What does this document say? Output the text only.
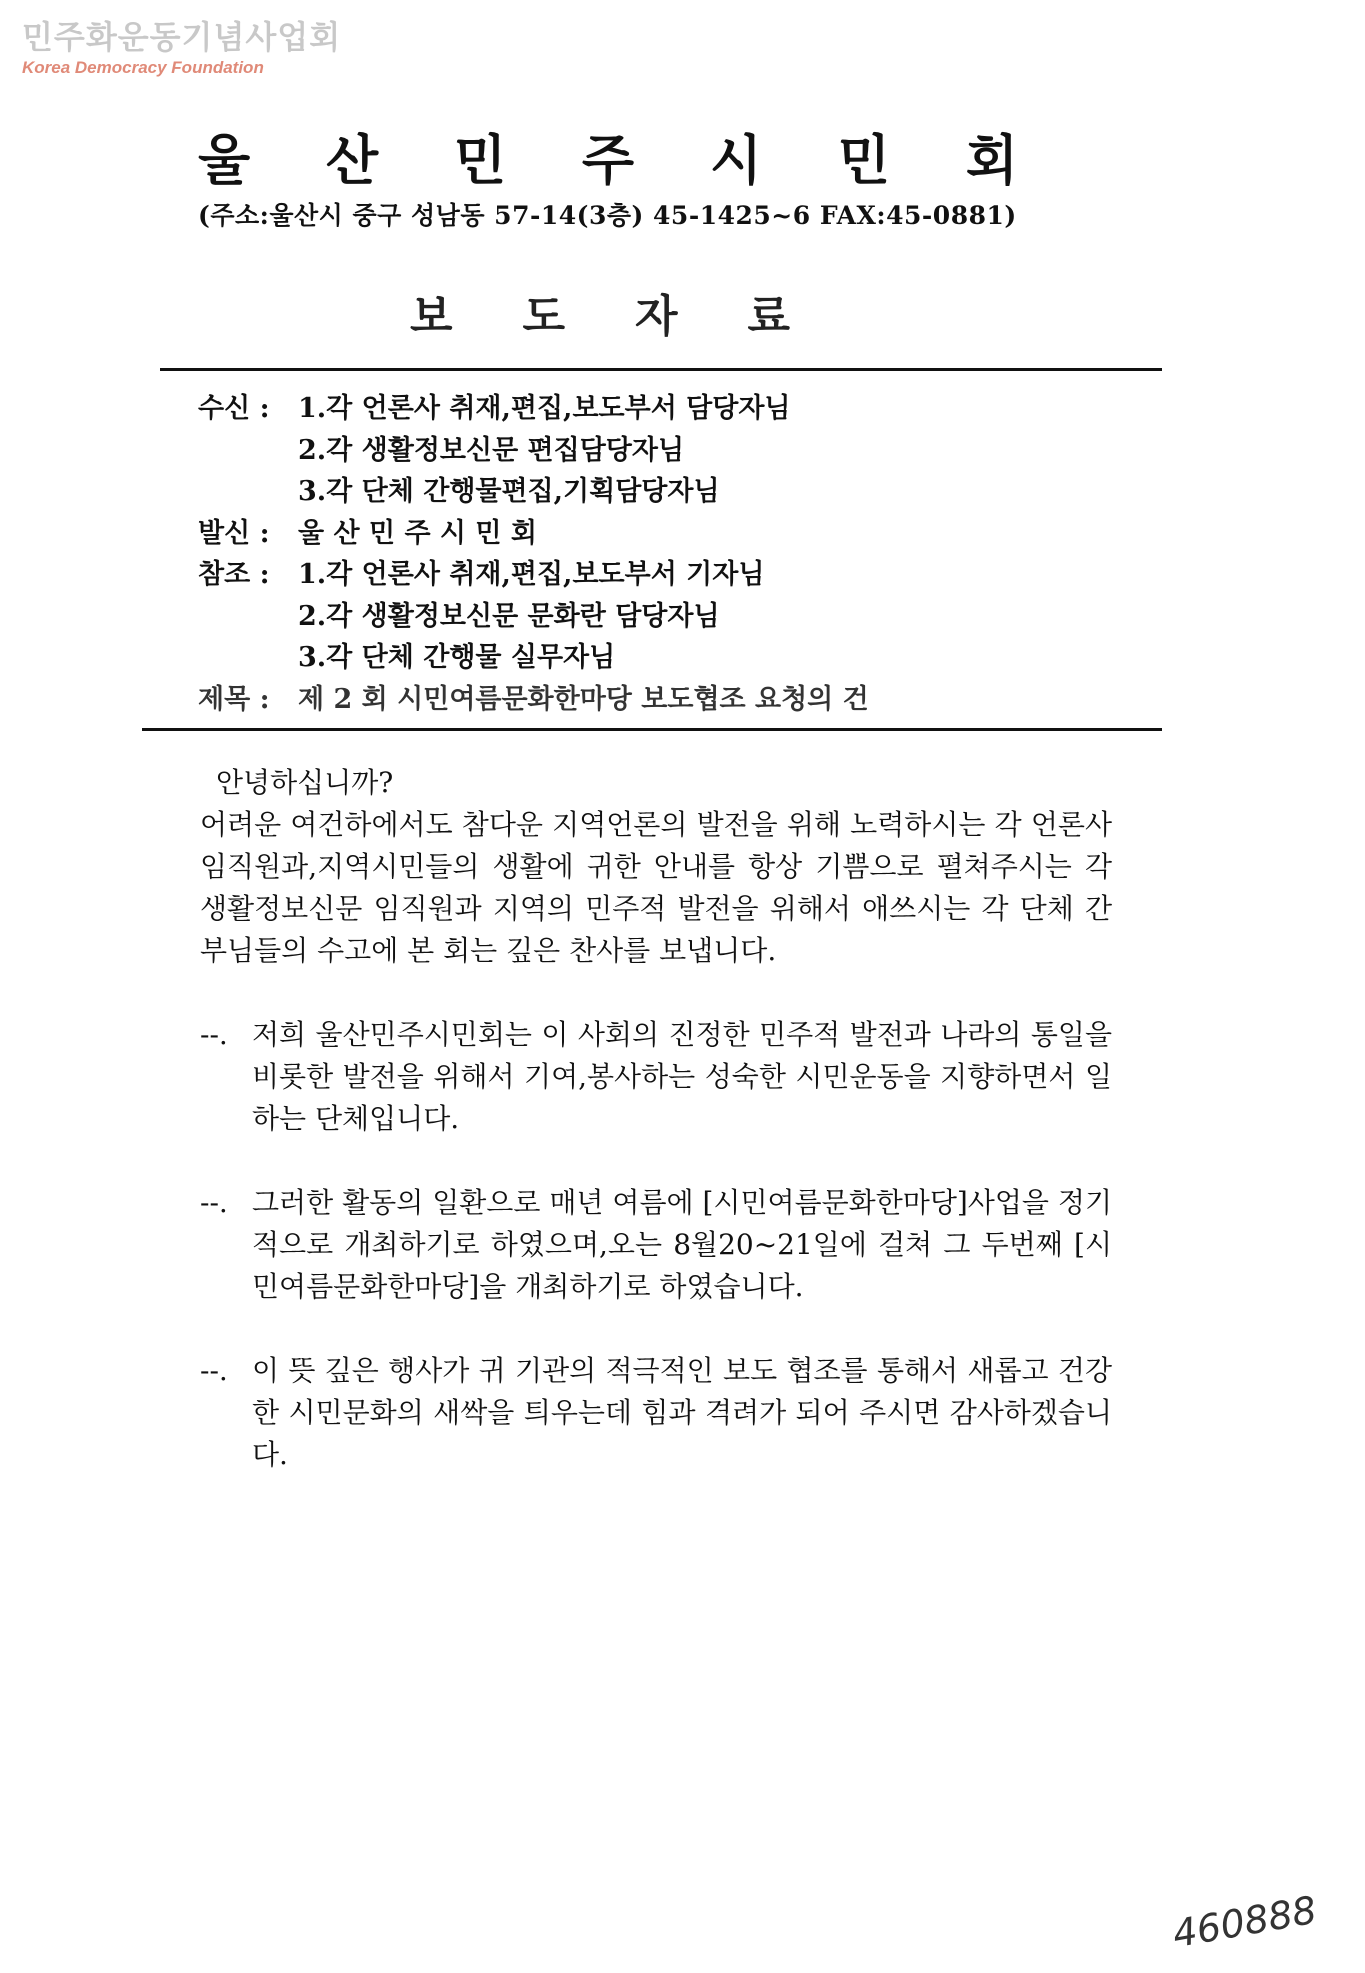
민주화운동기념사업회
Korea Democracy Foundation
울 산 민 주 시 민 회
(주소:울산시 중구 성남동 57-14(3층) 45-1425~6 FAX:45-0881)
보 도 자 료
수신 :	1.각 언론사 취재,편집,보도부서 담당자님
2.각 생활정보신문 편집담당자님
3.각 단체 간행물편집,기획담당자님
발신 :	울 산 민 주 시 민 회
참조 :	1.각 언론사 취재,편집,보도부서 기자님
2.각 생활정보신문 문화란 담당자님
3.각 단체 간행물 실무자님
제목 :	제 2 회 시민여름문화한마당 보도협조 요청의 건
안녕하십니까?
어려운 여건하에서도 참다운 지역언론의 발전을 위해 노력하시는 각 언론사 임직원과,지역시민들의 생활에 귀한 안내를 항상 기쁨으로 펼쳐주시는 각 생활정보신문 임직원과 지역의 민주적 발전을 위해서 애쓰시는 각 단체 간부님들의 수고에 본 회는 깊은 찬사를 보냅니다.
--. 저희 울산민주시민회는 이 사회의 진정한 민주적 발전과 나라의 통일을 비롯한 발전을 위해서 기여,봉사하는 성숙한 시민운동을 지향하면서 일하는 단체입니다.
--. 그러한 활동의 일환으로 매년 여름에 [시민여름문화한마당]사업을 정기적으로 개최하기로 하였으며,오는 8월20~21일에 걸쳐 그 두번째 [시민여름문화한마당]을 개최하기로 하였습니다.
--. 이 뜻 깊은 행사가 귀 기관의 적극적인 보도 협조를 통해서 새롭고 건강한 시민문화의 새싹을 틔우는데 힘과 격려가 되어 주시면 감사하겠습니다.
460888
